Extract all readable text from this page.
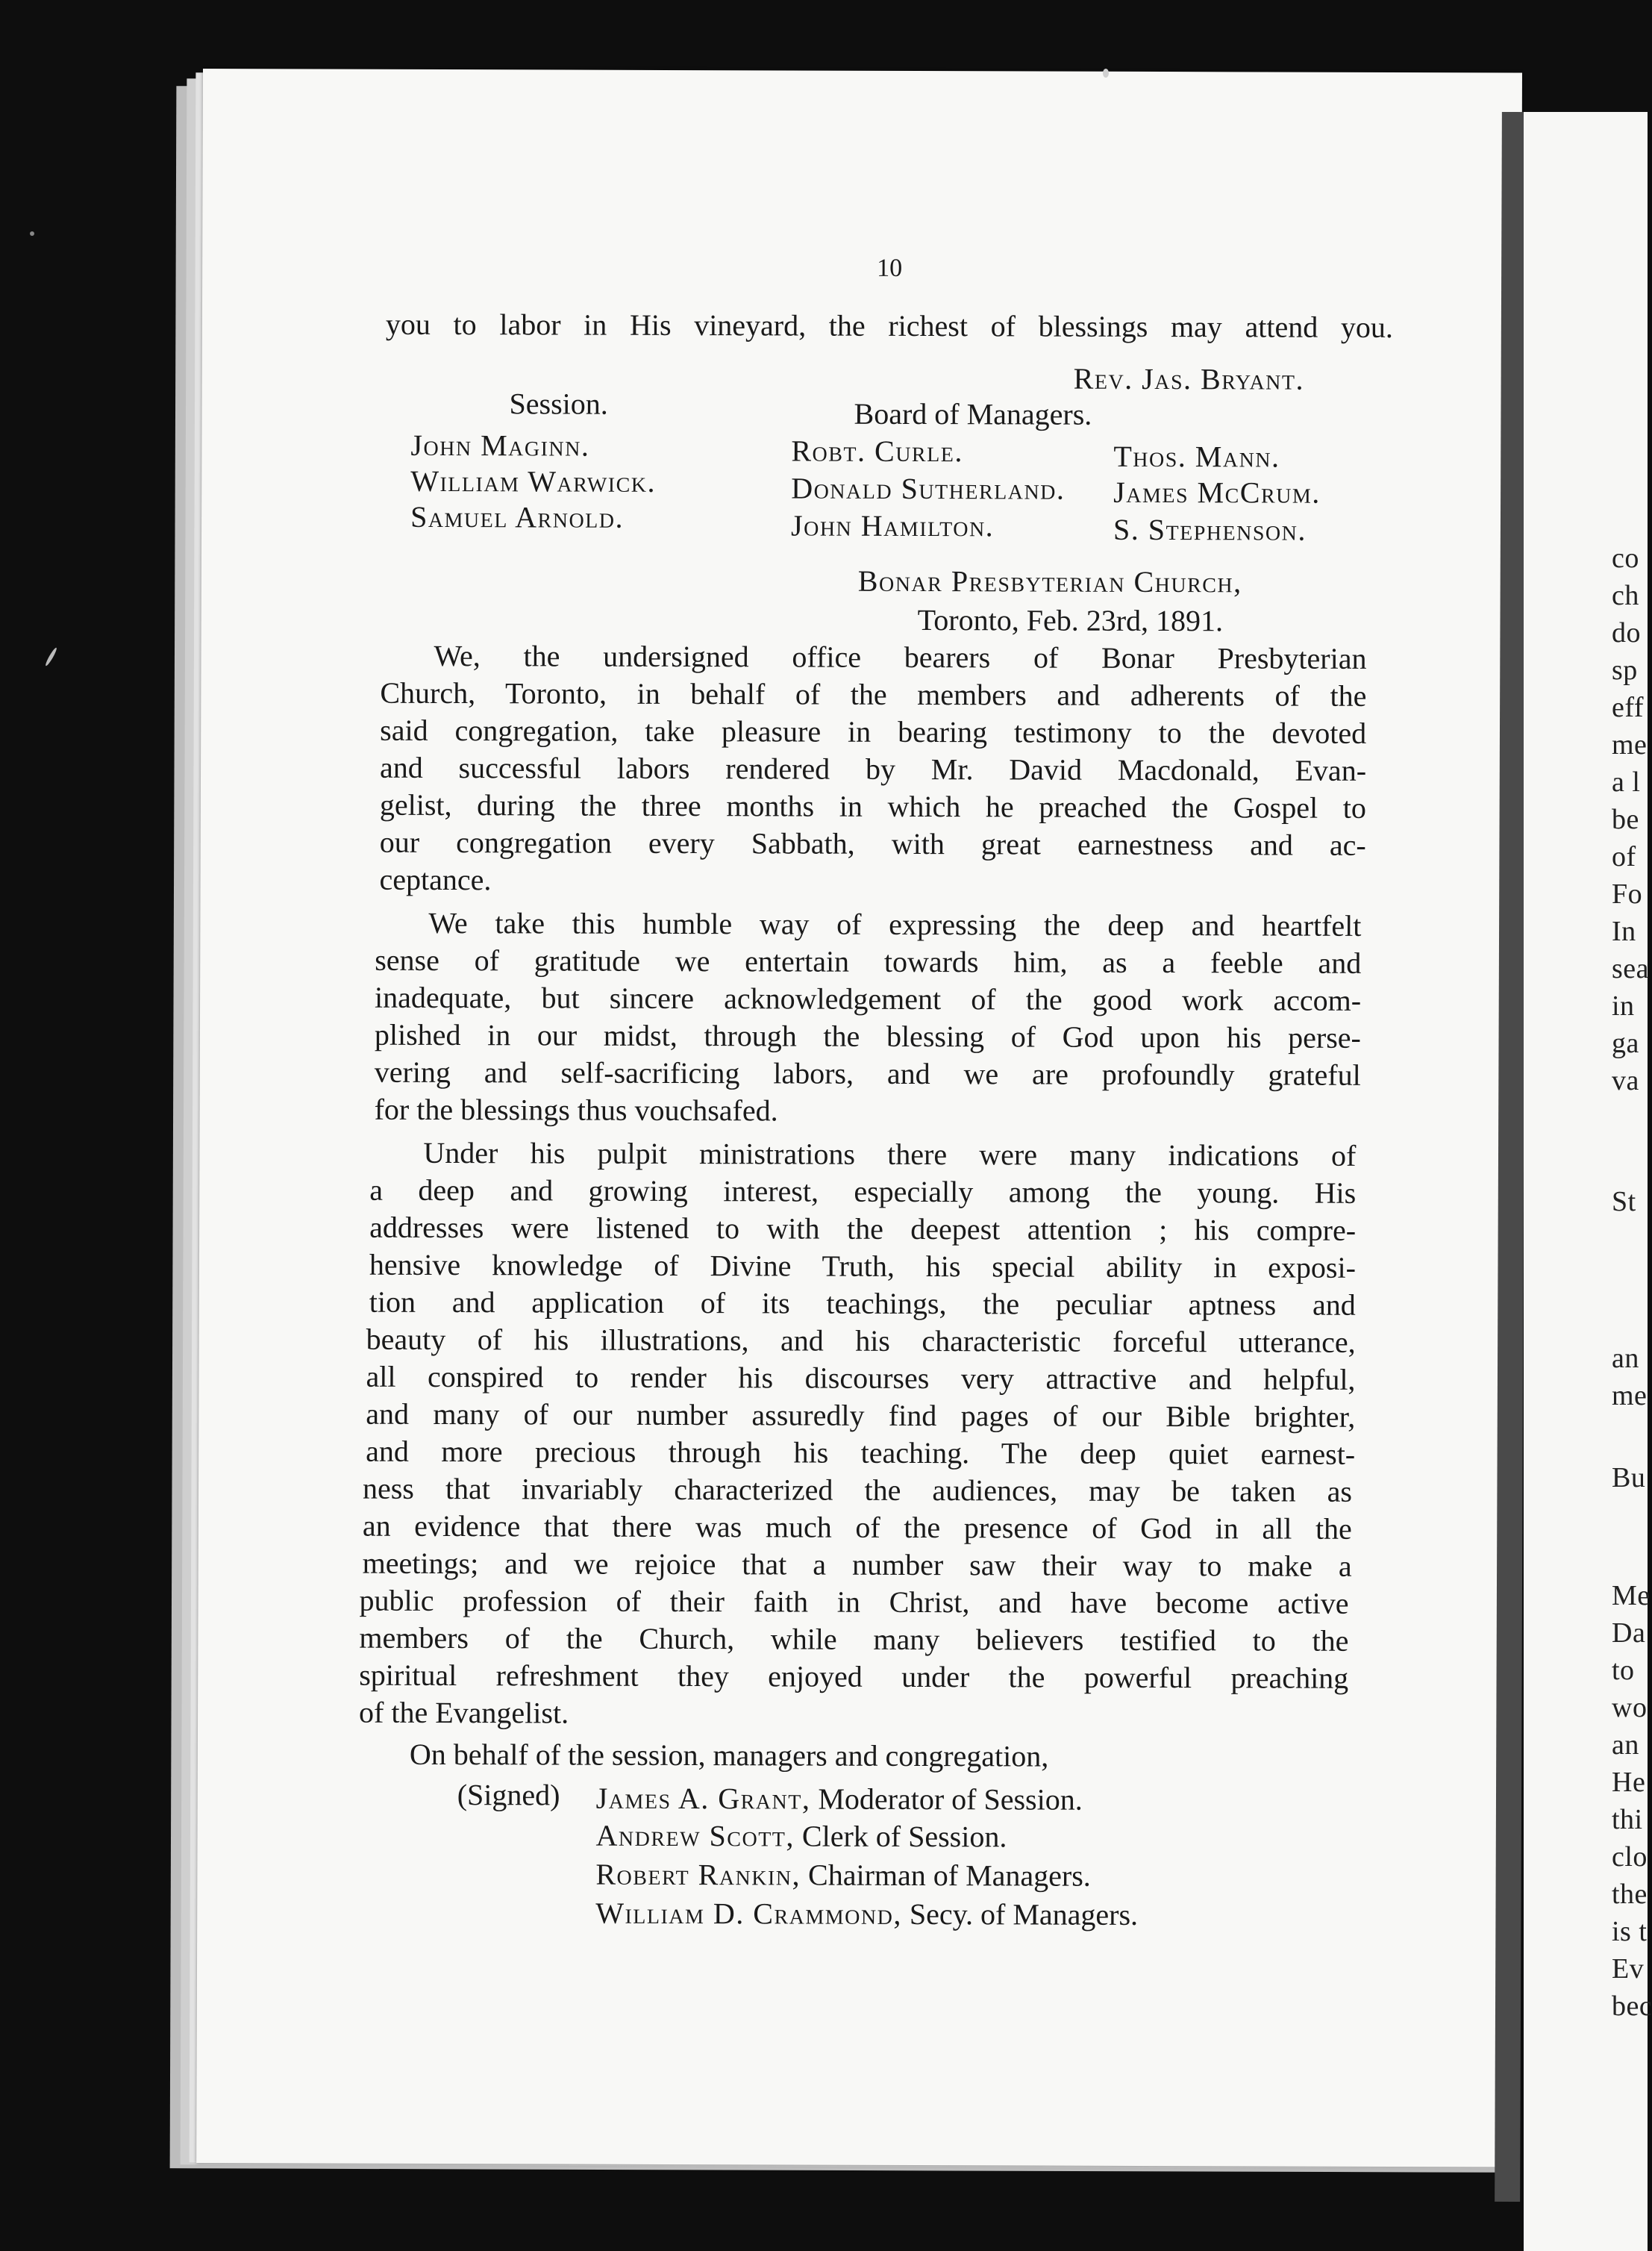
10
you to labor in His vineyard, the richest of blessings may attend you.
Rev. Jas. Bryant.
Session.	Board of Managers.
John Maginn.
William Warwick.
Samuel Arnold.
Robt. Curle.
Donald Sutherland.
John Hamilton.
Thos. Mann.
James McCrum.
S. Stephenson.
Bonar Presbyterian Church,
Toronto, Feb. 23rd, 1891.
We, the undersigned office bearers of Bonar Presbyterian
Church, Toronto, in behalf of the members and adherents of the
said congregation, take pleasure in bearing testimony to the devoted
and successful labors rendered by Mr. David Macdonald, Evan-
gelist, during the three months in which he preached the Gospel to
our congregation every Sabbath, with great earnestness and ac-
ceptance.
We take this humble way of expressing the deep and heartfelt
sense of gratitude we entertain towards him, as a feeble and
inadequate, but sincere acknowledgement of the good work accom-
plished in our midst, through the blessing of God upon his perse-
vering and self-sacrificing labors, and we are profoundly grateful
for the blessings thus vouchsafed.
Under his pulpit ministrations there were many indications of
a deep and growing interest, especially among the young. His
addresses were listened to with the deepest attention ; his compre-
hensive knowledge of Divine Truth, his special ability in exposi-
tion and application of its teachings, the peculiar aptness and
beauty of his illustrations, and his characteristic forceful utterance,
all conspired to render his discourses very attractive and helpful,
and many of our number assuredly find pages of our Bible brighter,
and more precious through his teaching. The deep quiet earnest-
ness that invariably characterized the audiences, may be taken as
an evidence that there was much of the presence of God in all the
meetings; and we rejoice that a number saw their way to make a
public profession of their faith in Christ, and have become active
members of the Church, while many believers testified to the
spiritual refreshment they enjoyed under the powerful preaching
of the Evangelist.
On behalf of the session, managers and congregation,
(Signed) James A. Grant, Moderator of Session.
Andrew Scott, Clerk of Session.
Robert Rankin, Chairman of Managers.
William D. Crammond, Secy. of Managers.
co
ch
do
sp
eff
me
a l
be
of
Fo
In
sea
in
ga
va
St
an
me
Bu
Me
Da
to
wo
an
He
thi
clo
the
is t
Ev
bec
